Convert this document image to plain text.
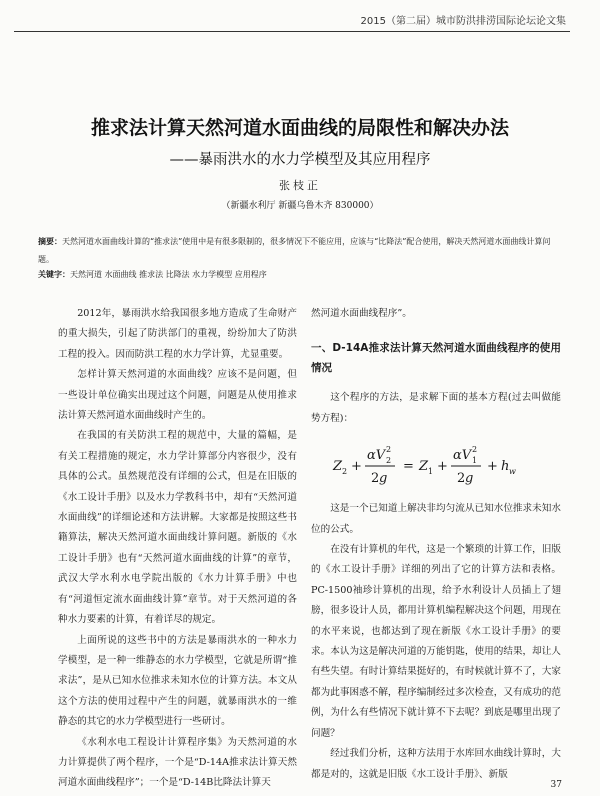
2015（第二届）城市防洪排涝国际论坛论文集
推求法计算天然河道水面曲线的局限性和解决办法
——暴雨洪水的水力学模型及其应用程序
张枝正
（新疆水利厅 新疆乌鲁木齐 830000）
摘要：天然河道水面曲线计算的“推求法”使用中是有很多限制的，很多情况下不能应用，应该与“比降法”配合使用，解决天然河道水面曲线计算问题。
关键字：天然河道 水面曲线 推求法 比降法 水力学模型 应用程序

2012年，暴雨洪水给我国很多地方造成了生命财产的重大损失，引起了防洪部门的重视，纷纷加大了防洪工程的投入。因而防洪工程的水力学计算，尤显重要。

怎样计算天然河道的水面曲线？应该不是问题，但一些设计单位确实出现过这个问题，问题是从使用推求法计算天然河道水面曲线时产生的。

在我国的有关防洪工程的规范中，大量的篇幅，是有关工程措施的规定，水力学计算部分内容很少，没有具体的公式。虽然规范没有详细的公式，但是在旧版的《水工设计手册》以及水力学教科书中，却有“天然河道水面曲线”的详细论述和方法讲解。大家都是按照这些书籍算法，解决天然河道水面曲线计算问题。新版的《水工设计手册》也有“天然河道水面曲线的计算”的章节，武汉大学水利水电学院出版的《水力计算手册》中也有“河道恒定流水面曲线计算”章节。对于天然河道的各种水力要素的计算，有着详尽的规定。

上面所说的这些书中的方法是暴雨洪水的一种水力学模型，是一种一维静态的水力学模型，它就是所谓“推求法”，是从已知水位推求未知水位的计算方法。本文从这个方法的使用过程中产生的问题，就暴雨洪水的一维静态的其它的水力学模型进行一些研讨。

《水利水电工程设计计算程序集》为天然河道的水力计算提供了两个程序，一个是“D-14A推求法计算天然河道水面曲线程序”；一个是“D-14B比降法计算天

然河道水面曲线程序”。

一、D-14A推求法计算天然河道水面曲线程序的使用情况

这个程序的方法，是求解下面的基本方程(过去叫做能势方程)：

Z 2 +
αV 2
2
2 g
= Z 1 +
αV 1
2
2 g
+ h w

这是一个已知道上解决非均匀流从已知水位推求未知水位的公式。

在没有计算机的年代，这是一个繁琐的计算工作，旧版的《水工设计手册》详细的列出了它的计算方法和表格。PC-1500袖珍计算机的出现，给予水利设计人员插上了翅膀，很多设计人员，都用计算机编程解决这个问题，用现在的水平来说，也都达到了现在新版《水工设计手册》的要求。本认为这是解决河道的万能钥匙，使用的结果，却让人有些失望。有时计算结果挺好的，有时候就计算不了，大家都为此事困惑不解，程序编制经过多次检查，又有成功的范例，为什么有些情况下就计算不下去呢？到底是哪里出现了问题？

经过我们分析，这种方法用于水库回水曲线计算时，大都是对的，这就是旧版《水工设计手册》、新版

37
